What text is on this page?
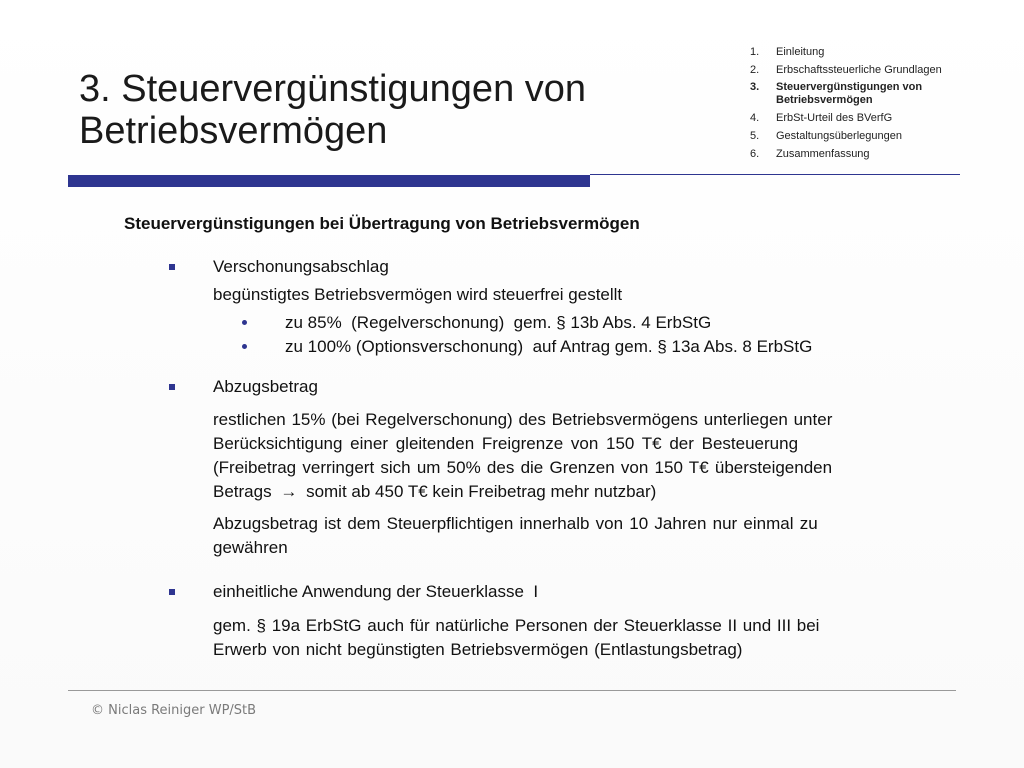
3. Steuervergünstigungen von
Betriebsvermögen
1.	Einleitung
2.	Erbschaftssteuerliche Grundlagen
3.	Steuervergünstigungen von Betriebsvermögen
4.	ErbSt-Urteil des BVerfG
5.	Gestaltungsüberlegungen
6.	Zusammenfassung
Steuervergünstigungen bei Übertragung von Betriebsvermögen
Verschonungsabschlag
begünstigtes Betriebsvermögen wird steuerfrei gestellt
zu 85%  (Regelverschonung)  gem. § 13b Abs. 4 ErbStG
zu 100% (Optionsverschonung)  auf Antrag gem. § 13a Abs. 8 ErbStG
Abzugsbetrag
restlichen 15% (bei Regelverschonung) des Betriebsvermögens unterliegen unter
Berücksichtigung einer gleitenden Freigrenze von 150 T€ der Besteuerung
(Freibetrag verringert sich um 50% des die Grenzen von 150 T€ übersteigenden
Betrags → somit ab 450 T€ kein Freibetrag mehr nutzbar)
Abzugsbetrag ist dem Steuerpflichtigen innerhalb von 10 Jahren nur einmal zu
gewähren
einheitliche Anwendung der Steuerklasse  I
gem. § 19a ErbStG auch für natürliche Personen der Steuerklasse II und III bei
Erwerb von nicht begünstigten Betriebsvermögen (Entlastungsbetrag)
© Niclas Reiniger WP/StB
